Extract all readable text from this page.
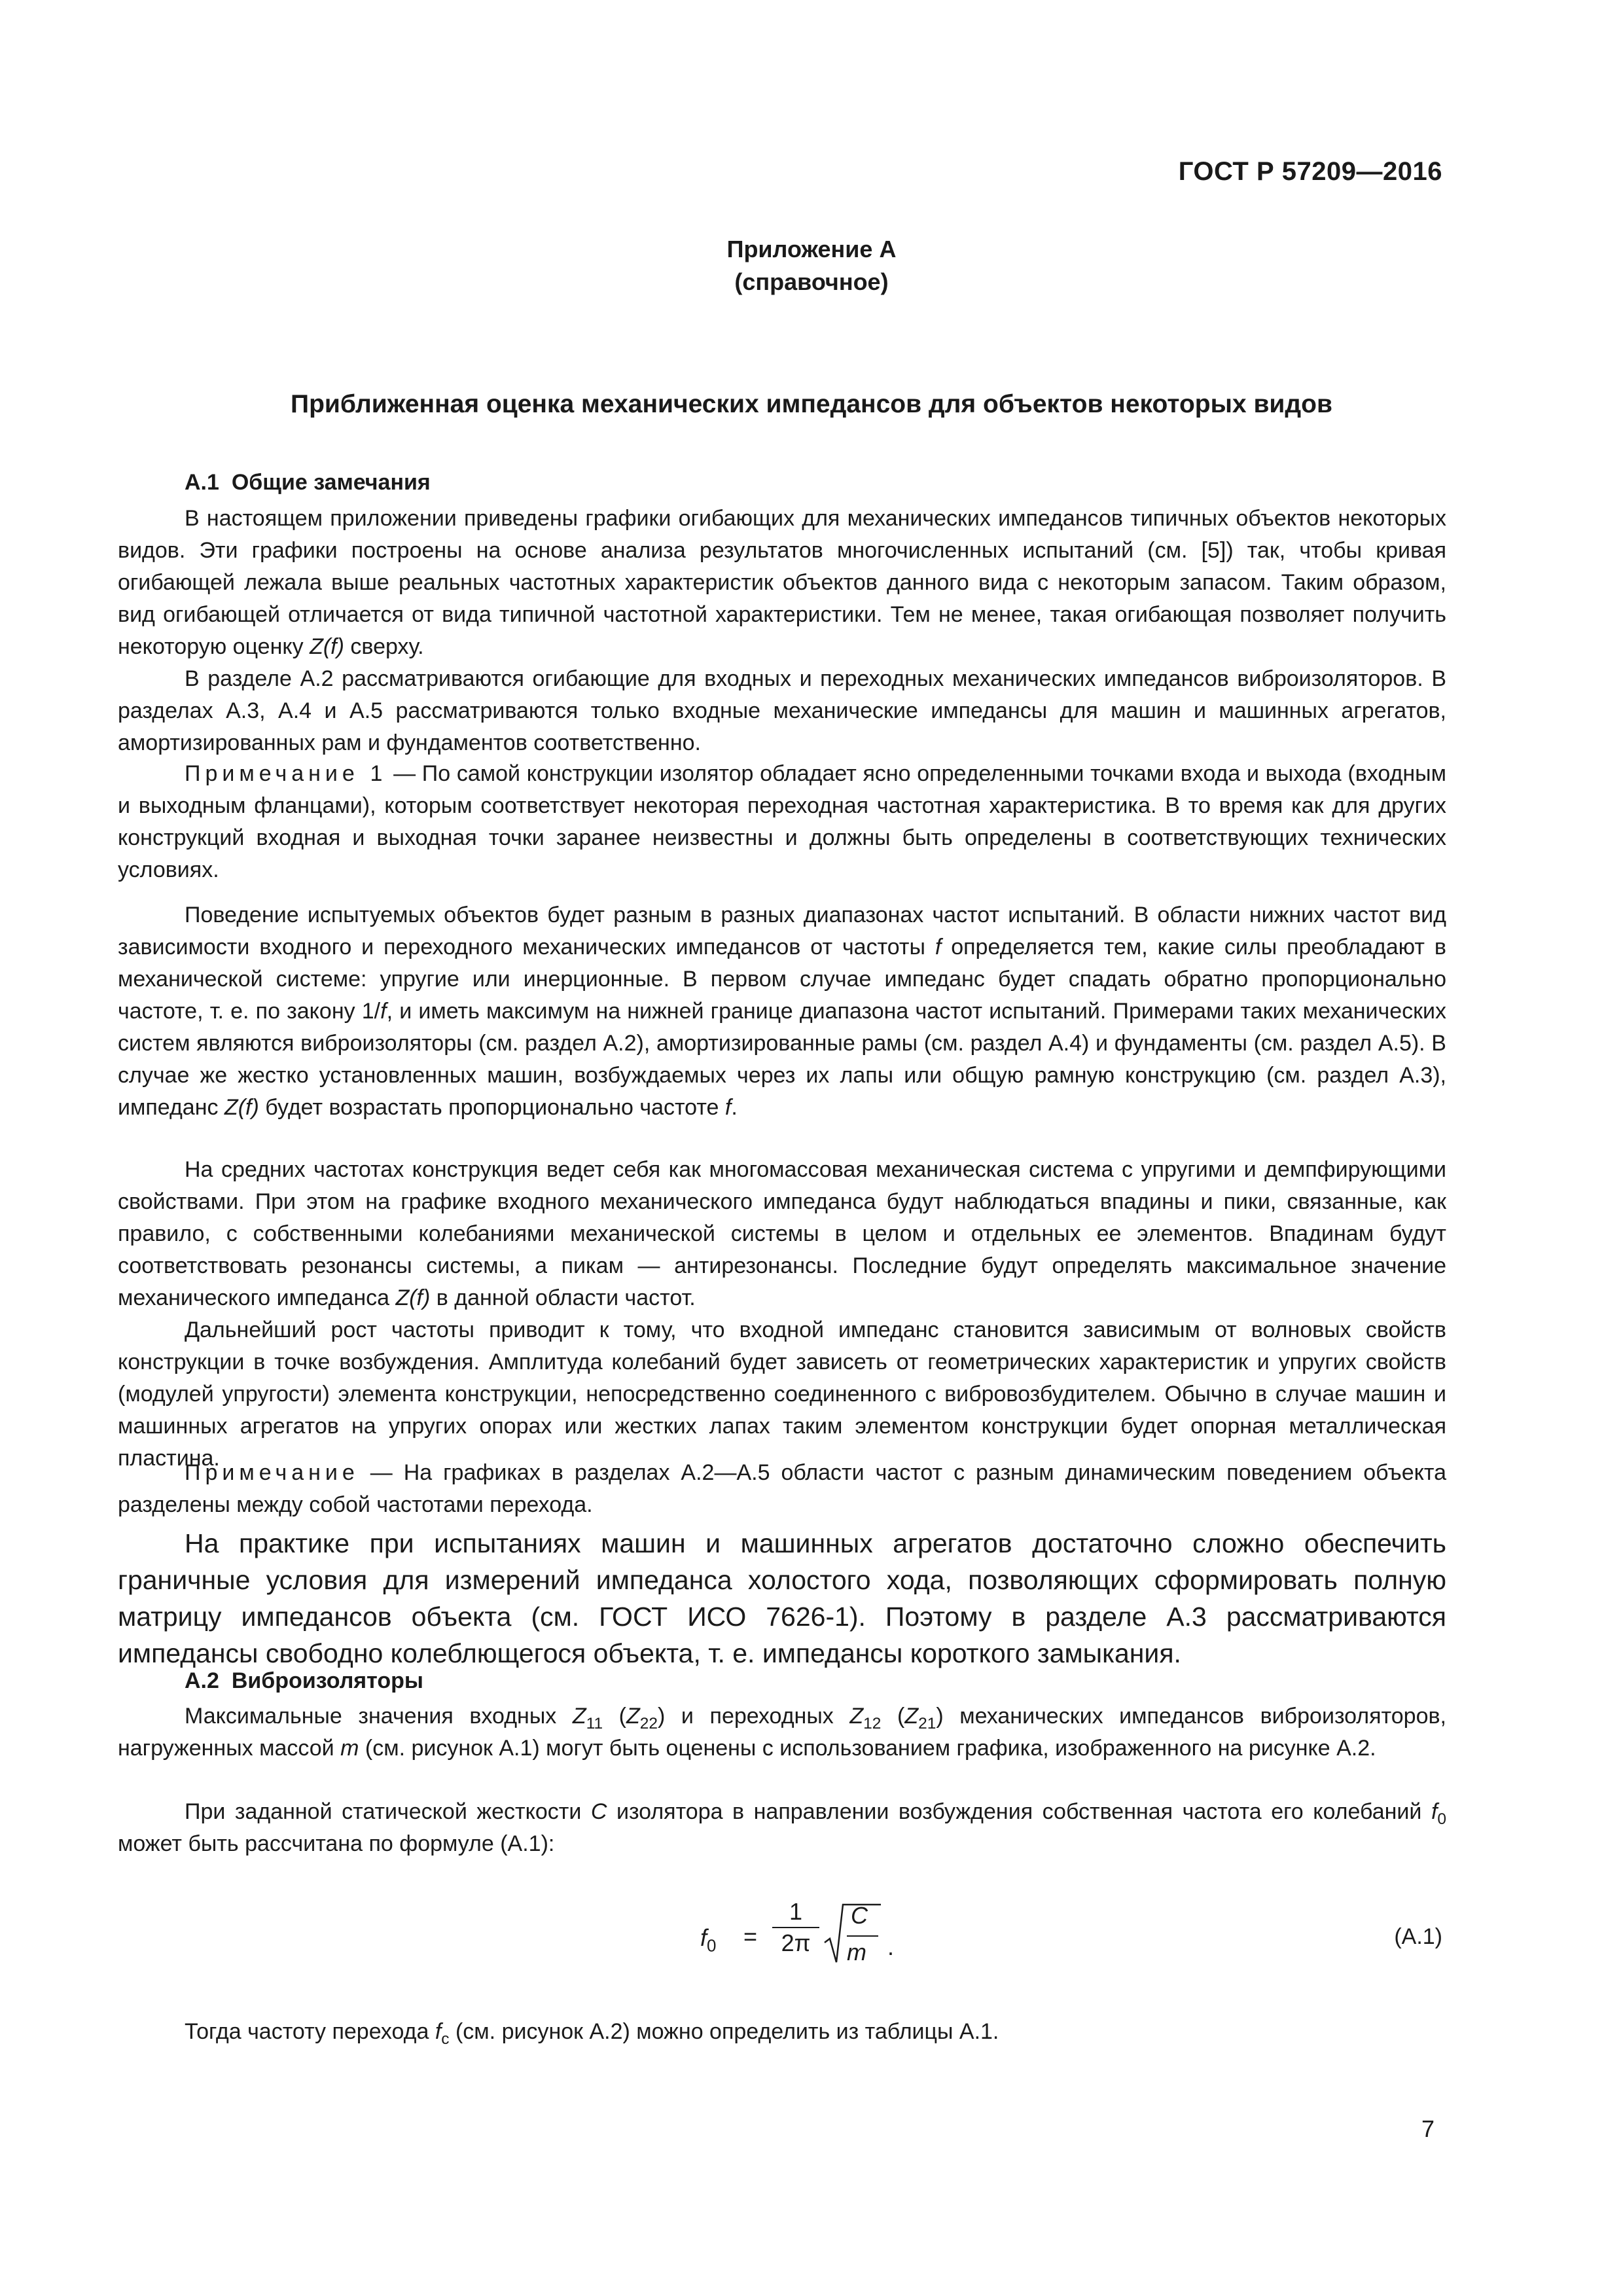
ГОСТ Р 57209—2016
Приложение А
(справочное)
Приближенная оценка механических импедансов для объектов некоторых видов
А.1 Общие замечания

В настоящем приложении приведены графики огибающих для механических импедансов типичных объектов некоторых видов. Эти графики построены на основе анализа результатов многочисленных испытаний (см. [5]) так, чтобы кривая огибающей лежала выше реальных частотных характеристик объектов данного вида с некоторым запасом. Таким образом, вид огибающей отличается от вида типичной частотной характеристики. Тем не менее, такая огибающая позволяет получить некоторую оценку Z(f) сверху.

В разделе А.2 рассматриваются огибающие для входных и переходных механических импедансов виброизоляторов. В разделах А.3, А.4 и А.5 рассматриваются только входные механические импедансы для машин и машинных агрегатов, амортизированных рам и фундаментов соответственно.

Примечание 1 — По самой конструкции изолятор обладает ясно определенными точками входа и выхода (входным и выходным фланцами), которым соответствует некоторая переходная частотная характеристика. В то время как для других конструкций входная и выходная точки заранее неизвестны и должны быть определены в соответствующих технических условиях.

Поведение испытуемых объектов будет разным в разных диапазонах частот испытаний. В области нижних частот вид зависимости входного и переходного механических импедансов от частоты f определяется тем, какие силы преобладают в механической системе: упругие или инерционные. В первом случае импеданс будет спадать обратно пропорционально частоте, т. е. по закону 1/f, и иметь максимум на нижней границе диапазона частот испытаний. Примерами таких механических систем являются виброизоляторы (см. раздел А.2), амортизированные рамы (см. раздел А.4) и фундаменты (см. раздел А.5). В случае же жестко установленных машин, возбуждаемых через их лапы или общую рамную конструкцию (см. раздел А.3), импеданс Z(f) будет возрастать пропорционально частоте f.

На средних частотах конструкция ведет себя как многомассовая механическая система с упругими и демпфирующими свойствами. При этом на графике входного механического импеданса будут наблюдаться впадины и пики, связанные, как правило, с собственными колебаниями механической системы в целом и отдельных ее элементов. Впадинам будут соответствовать резонансы системы, а пикам — антирезонансы. Последние будут определять максимальное значение механического импеданса Z(f) в данной области частот.

Дальнейший рост частоты приводит к тому, что входной импеданс становится зависимым от волновых свойств конструкции в точке возбуждения. Амплитуда колебаний будет зависеть от геометрических характеристик и упругих свойств (модулей упругости) элемента конструкции, непосредственно соединенного с вибровозбудителем. Обычно в случае машин и машинных агрегатов на упругих опорах или жестких лапах таким элементом конструкции будет опорная металлическая пластина.

Примечание — На графиках в разделах А.2—А.5 области частот с разным динамическим поведением объекта разделены между собой частотами перехода.

На практике при испытаниях машин и машинных агрегатов достаточно сложно обеспечить граничные условия для измерений импеданса холостого хода, позволяющих сформировать полную матрицу импедансов объекта (см. ГОСТ ИСО 7626-1). Поэтому в разделе А.3 рассматриваются импедансы свободно колеблющегося объекта, т. е. импедансы короткого замыкания.

А.2 Виброизоляторы

Максимальные значения входных $Z_{11}$ $(Z_{22})$ и переходных $Z_{12}$ $(Z_{21})$ механических импедансов виброизоляторов, нагруженных массой m (см. рисунок А.1) могут быть оценены с использованием графика, изображенного на рисунке А.2.

При заданной статической жесткости C изолятора в направлении возбуждения собственная частота его колебаний $f_0$ может быть рассчитана по формуле (А.1):

$f_0$ =
1
2π
C
m .	(А.1)

Тогда частоту перехода $f_c$ (см. рисунок А.2) можно определить из таблицы А.1.

7
